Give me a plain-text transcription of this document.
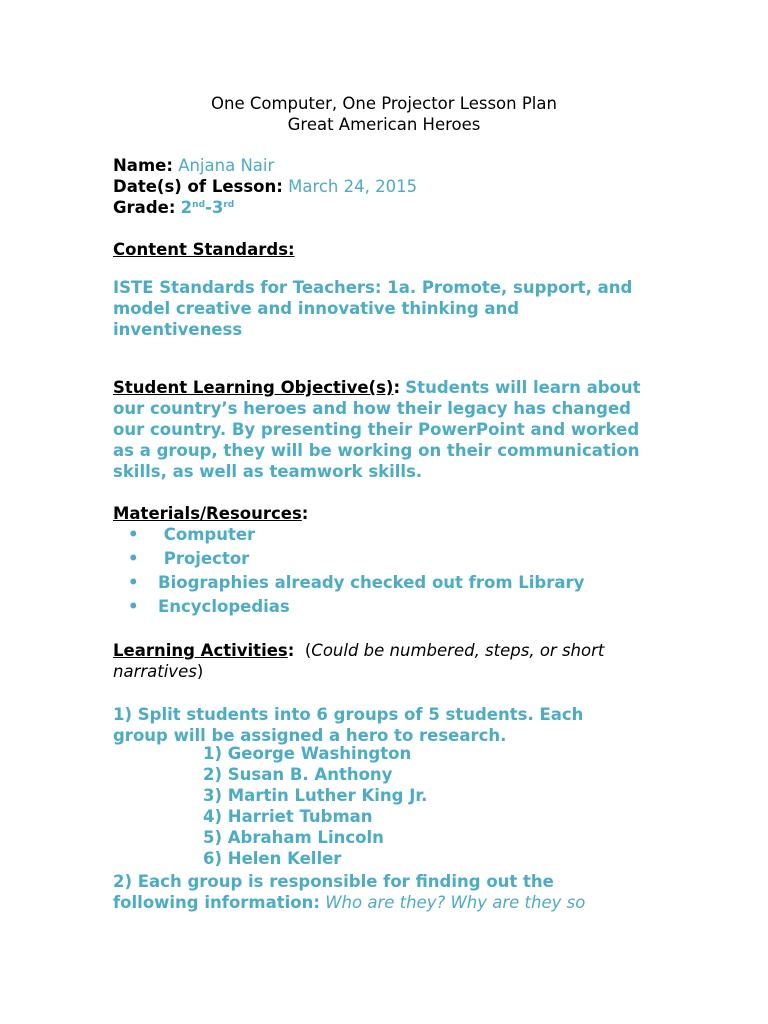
One Computer, One Projector Lesson Plan
Great American Heroes
Name: Anjana Nair
Date(s) of Lesson: March 24, 2015
Grade: 2nd-3rd
Content Standards:
ISTE Standards for Teachers: 1a. Promote, support, and model creative and innovative thinking and inventiveness
Student Learning Objective(s): Students will learn about our country’s heroes and how their legacy has changed our country. By presenting their PowerPoint and worked as a group, they will be working on their communication skills, as well as teamwork skills.
Materials/Resources:
• Computer
• Projector
• Biographies already checked out from Library
• Encyclopedias
Learning Activities: (Could be numbered, steps, or short narratives)
1) Split students into 6 groups of 5 students. Each group will be assigned a hero to research.
1) George Washington
2) Susan B. Anthony
3) Martin Luther King Jr.
4) Harriet Tubman
5) Abraham Lincoln
6) Helen Keller
2) Each group is responsible for finding out the following information: Who are they? Why are they so
